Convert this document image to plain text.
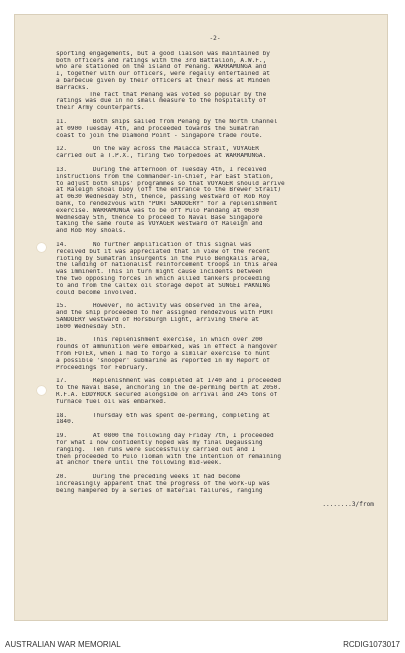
-2-
sporting engagements, but a good liaison was maintained by
both officers and ratings with the 3rd Battalion, A.W.F.,
who are stationed on the island of Penang. WARRAMUNGA and
I, together with our officers, were regally entertained at
a barbecue given by their officers at their mess at Minden
Barracks.
The fact that Penang was voted so popular by the
ratings was due in no small measure to the hospitality of
their Army counterparts.
11.       Both ships sailed from Penang by the North Channel
at 0900 Tuesday 4th, and proceeded towards the Sumatran
coast to join the Diamond Point - Singapore trade route.
12.       On the way across the Malacca Strait, VOYAGER
carried out a T.P.X., firing two torpedoes at WARRAMUNGA.
13.       During the afternoon of Tuesday 4th, I received
instructions from the Commander-in-Chief, Far East Station,
to adjust both ships' programmes so that VOYAGER should arrive
at Raleigh shoal buoy (off the entrance to the Brewer Strait)
at 0630 Wednesday 5th, thence, passing westward of Rob Roy
bank, to rendezvous with "PORT SANDOERY" for a replenishment
exercise. WARRAMUNGA was to be off Pulo Pandang at 0630
Wednesday 5th, thence to proceed to Naval Base Singapore
taking the same route as VOYAGER westward of Raleigh and
and Rob Roy shoals.
14.       No further amplification of this signal was
received but it was appreciated that in view of the recent
rioting by Sumatran insurgents in the Pulo Bengkalis area,
the landing of nationalist reinforcement troops in this area
was imminent. This in turn might cause incidents between
the two opposing forces in which allied tankers proceeding
to and from the Caltex oil storage depot at SUNGEI PAKNING
could become involved.
15.       However, no activity was observed in the area,
and the ship proceeded to her assigned rendezvous with PORT
SANDOERY westward of Horsburgh Light, arriving there at
1600 Wednesday 5th.
16.       This replenishment exercise, in which over 200
rounds of ammunition were embarked, was in effect a hangover
from FOTEX, when I had to forgo a similar exercise to hunt
a possible 'snooper' submarine as reported in my Report of
Proceedings for February.
17.       Replenishment was completed at 1740 and I proceeded
to the Naval Base, anchoring in the de-perming berth at 2050.
R.F.A. EDDYROCK secured alongside on arrival and 245 tons of
furnace fuel oil was embarked.
18.       Thursday 6th was spent de-perming, completing at
1840.
19.       At 0800 the following day Friday 7th, I proceeded
for what I now confidently hoped was my final Degaussing
ranging.  Ten runs were successfully carried out and I
then proceeded to Pulo Tioman with the intention of remaining
at anchor there until the following mid-week.
20.       During the preceding weeks it had become
increasingly apparent that the progress of the work-up was
being hampered by a series of material failures, ranging
........3/from
AUSTRALIAN WAR MEMORIAL	RCDIG1073017
